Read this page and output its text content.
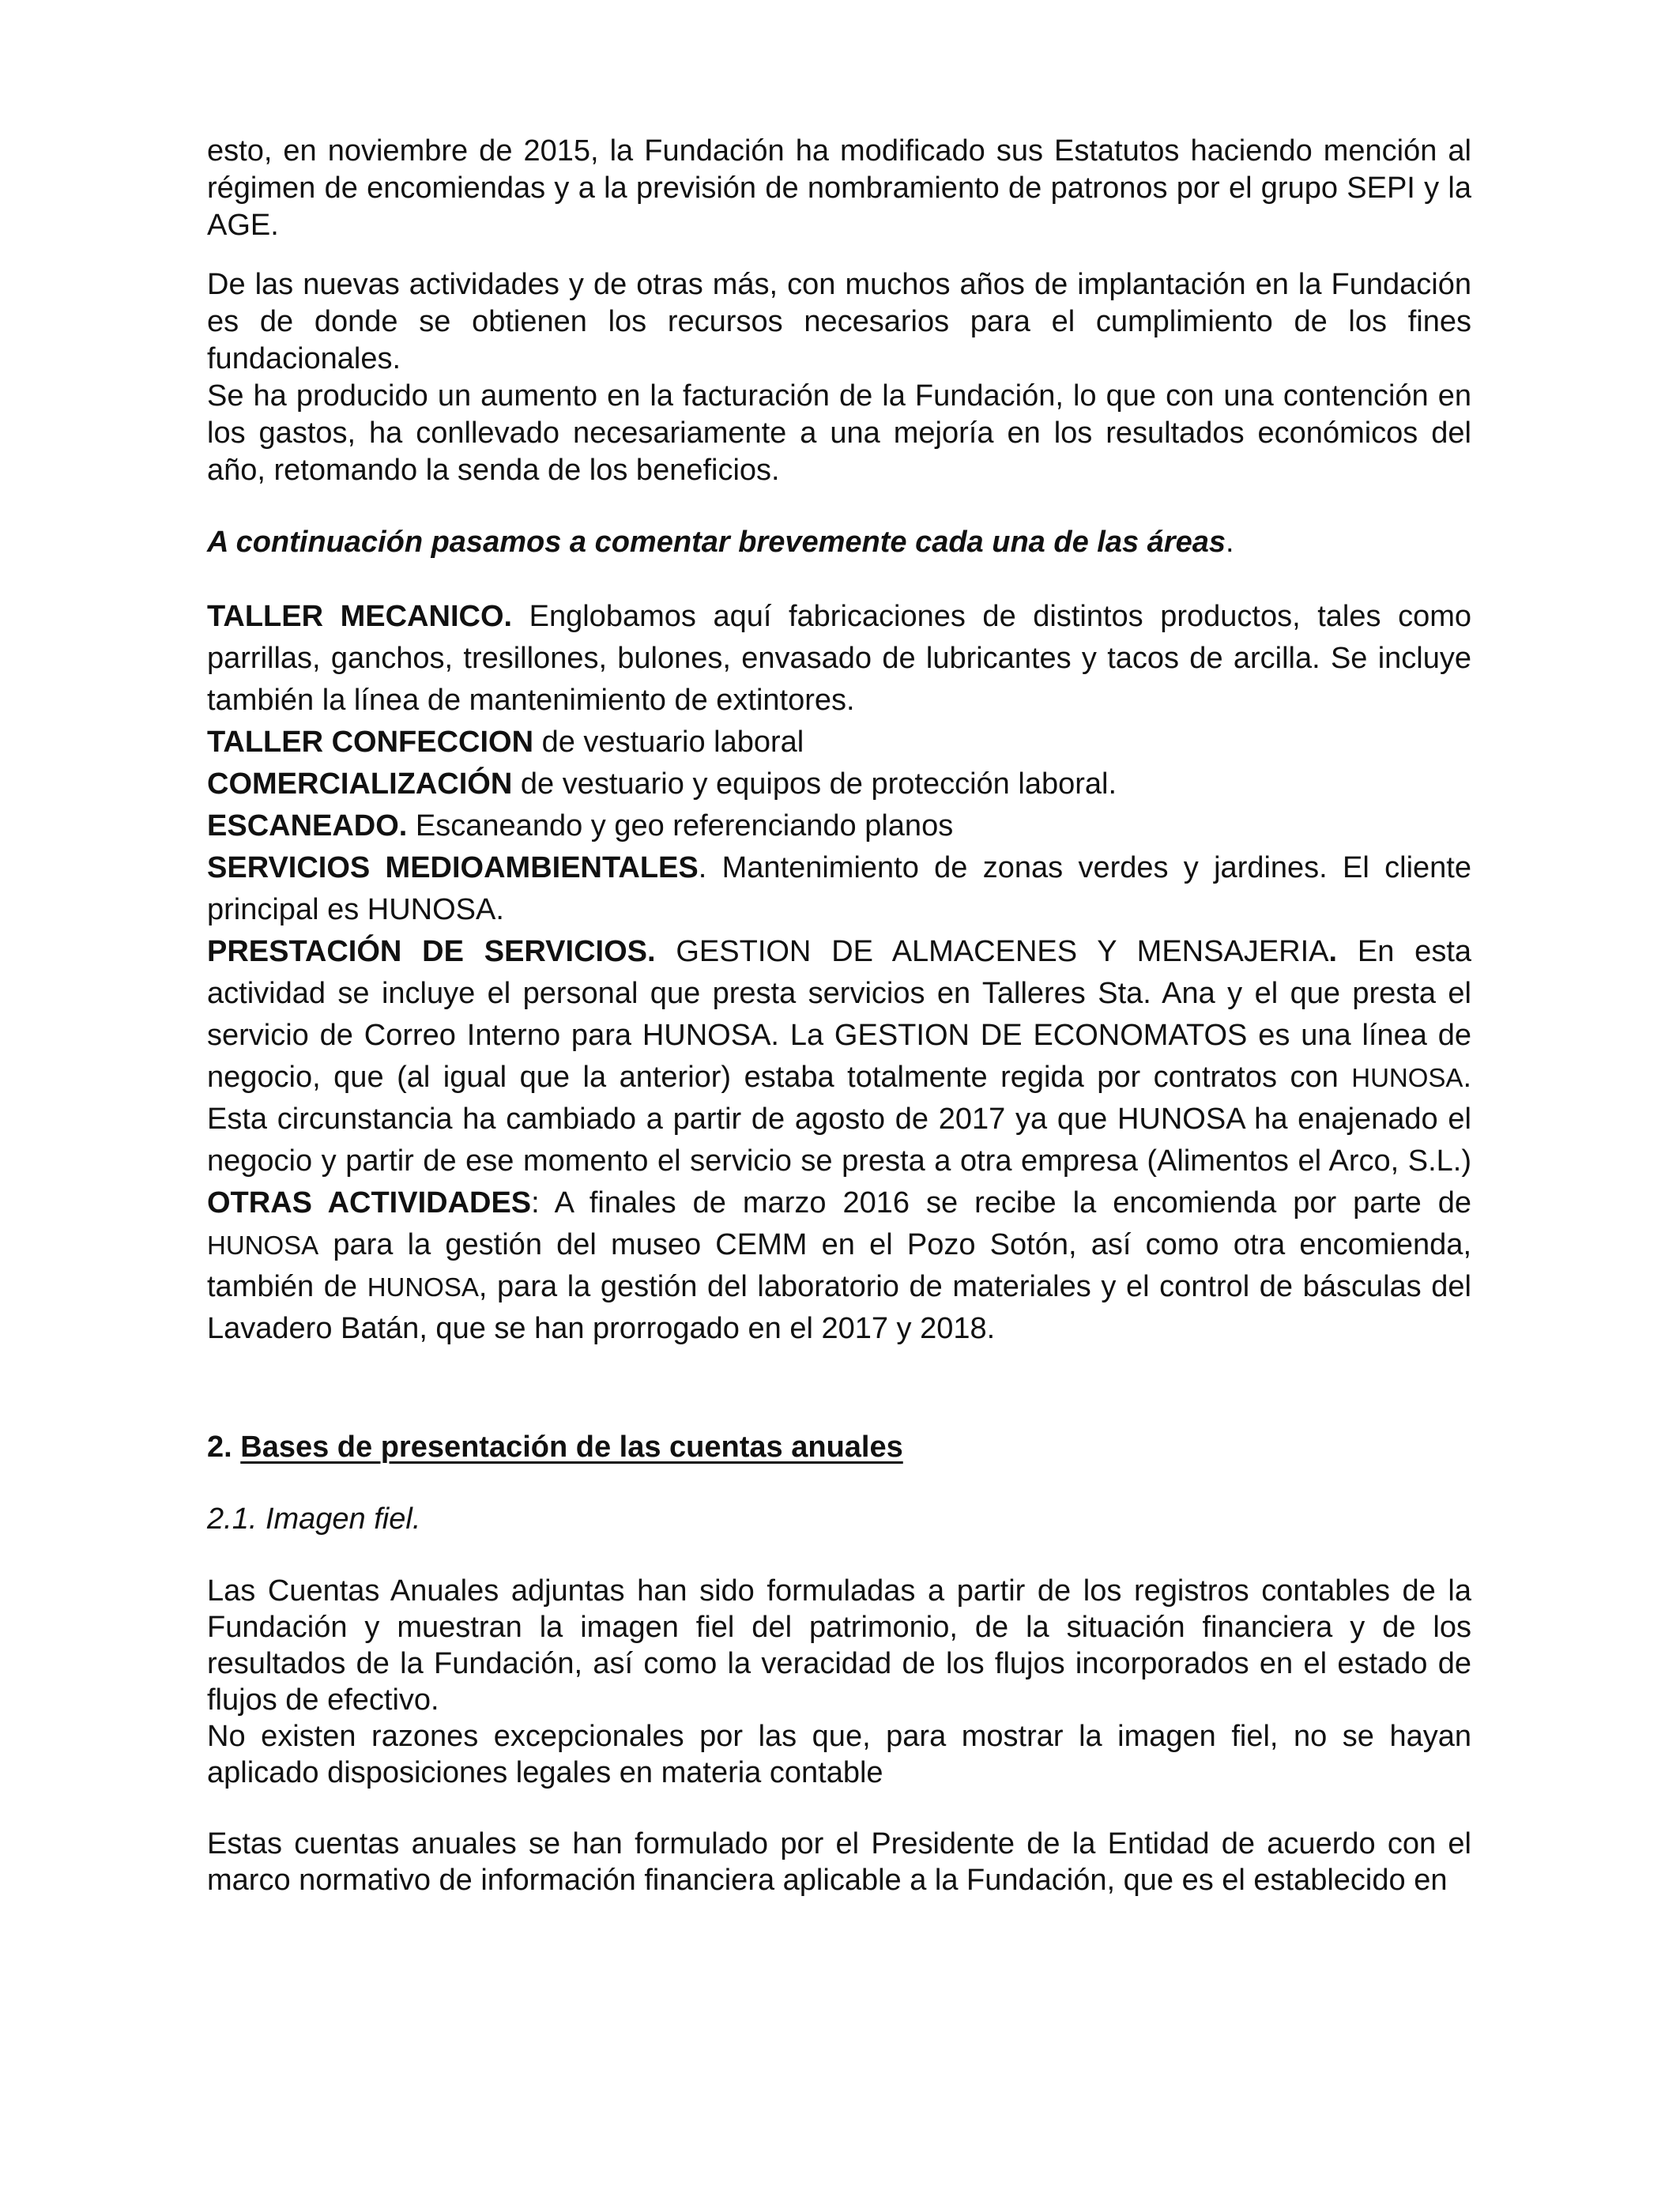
esto, en noviembre de 2015, la Fundación ha modificado sus Estatutos haciendo mención al régimen de encomiendas y a la previsión de nombramiento de patronos por el grupo SEPI y la AGE.

De las nuevas actividades y de otras más, con muchos años de implantación en la Fundación es de donde se obtienen los recursos necesarios para el cumplimiento de los fines fundacionales.

Se ha producido un aumento en la facturación de la Fundación, lo que con una contención en los gastos, ha conllevado necesariamente a una mejoría en los resultados económicos del año, retomando la senda de los beneficios.

A continuación pasamos a comentar brevemente cada una de las áreas.

TALLER MECANICO. Englobamos aquí fabricaciones de distintos productos, tales como parrillas, ganchos, tresillones, bulones, envasado de lubricantes y tacos de arcilla. Se incluye también la línea de mantenimiento de extintores.

TALLER CONFECCION de vestuario laboral

COMERCIALIZACIÓN de vestuario y equipos de protección laboral.

ESCANEADO. Escaneando y geo referenciando planos

SERVICIOS MEDIOAMBIENTALES. Mantenimiento de zonas verdes y jardines. El cliente principal es HUNOSA.

PRESTACIÓN DE SERVICIOS. GESTION DE ALMACENES Y MENSAJERIA. En esta actividad se incluye el personal que presta servicios en Talleres Sta. Ana y el que presta el servicio de Correo Interno para HUNOSA. La GESTION DE ECONOMATOS es una línea de negocio, que (al igual que la anterior) estaba totalmente regida por contratos con HUNOSA. Esta circunstancia ha cambiado a partir de agosto de 2017 ya que HUNOSA ha enajenado el negocio y partir de ese momento el servicio se presta a otra empresa (Alimentos el Arco, S.L.) OTRAS ACTIVIDADES: A finales de marzo 2016 se recibe la encomienda por parte de HUNOSA para la gestión del museo CEMM en el Pozo Sotón, así como otra encomienda, también de HUNOSA, para la gestión del laboratorio de materiales y el control de básculas del Lavadero Batán, que se han prorrogado en el 2017 y 2018.

2. Bases de presentación de las cuentas anuales

2.1. Imagen fiel.

Las Cuentas Anuales adjuntas han sido formuladas a partir de los registros contables de la Fundación y muestran la imagen fiel del patrimonio, de la situación financiera y de los resultados de la Fundación, así como la veracidad de los flujos incorporados en el estado de flujos de efectivo.

No existen razones excepcionales por las que, para mostrar la imagen fiel, no se hayan aplicado disposiciones legales en materia contable

Estas cuentas anuales se han formulado por el Presidente de la Entidad de acuerdo con el marco normativo de información financiera aplicable a la Fundación, que es el establecido en
